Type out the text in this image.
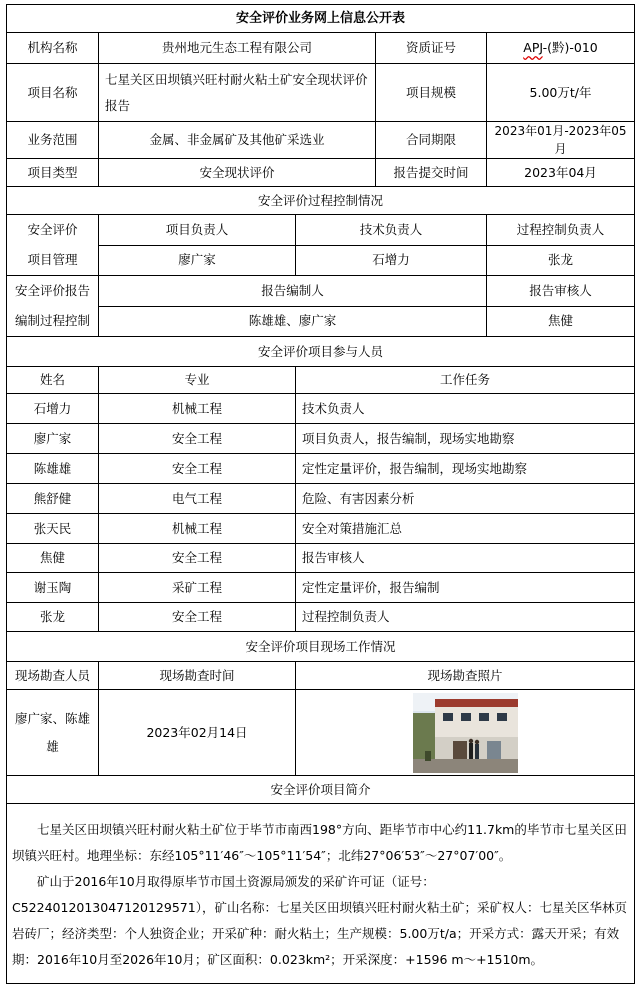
安全评价业务网上信息公开表				
机构名称	贵州地元生态工程有限公司		资质证号	APJ-(黔)-010
项目名称	七星关区田坝镇兴旺村耐火粘土矿安全现状评价报告		项目规模	5.00万t/年
业务范围	金属、非金属矿及其他矿采选业		合同期限	2023年01月-2023年05月
项目类型	安全现状评价		报告提交时间	2023年04月
安全评价过程控制情况				

安全评价
项目管理	项目负责人	技术负责人		过程控制负责人
	廖广家	石增力		张龙

安全评价报告
编制过程控制	报告编制人			报告审核人
	陈雄雄、廖广家			焦健
安全评价项目参与人员				
姓名	专业	工作任务		
石增力	机械工程	技术负责人		
廖广家	安全工程	项目负责人，报告编制，现场实地勘察		
陈雄雄	安全工程	定性定量评价，报告编制，现场实地勘察		
熊舒健	电气工程	危险、有害因素分析		
张天民	机械工程	安全对策措施汇总		
焦健	安全工程	报告审核人		
谢玉陶	采矿工程	定性定量评价，报告编制		
张龙	安全工程	过程控制负责人		
安全评价项目现场工作情况				
现场勘查人员	现场勘查时间	现场勘查照片		
廖广家、陈雄雄	2023年02月14日	
安全评价项目简介				

七星关区田坝镇兴旺村耐火粘土矿位于毕节市南西198°方向、距毕节市中心约11.7km的毕节市七星关区田坝镇兴旺村。地理坐标：东经105°11′46″～105°11′54″；北纬27°06′53″～27°07′00″。

矿山于2016年10月取得原毕节市国土资源局颁发的采矿许可证（证号：C5224012013047120129571），矿山名称：七星关区田坝镇兴旺村耐火粘土矿；采矿权人：七星关区华林页岩砖厂；经济类型：个人独资企业；开采矿种：耐火粘土；生产规模：5.00万t/a；开采方式：露天开采；有效期：2016年10月至2026年10月；矿区面积：0.023km²；开采深度：+1596 m～+1510m。				
